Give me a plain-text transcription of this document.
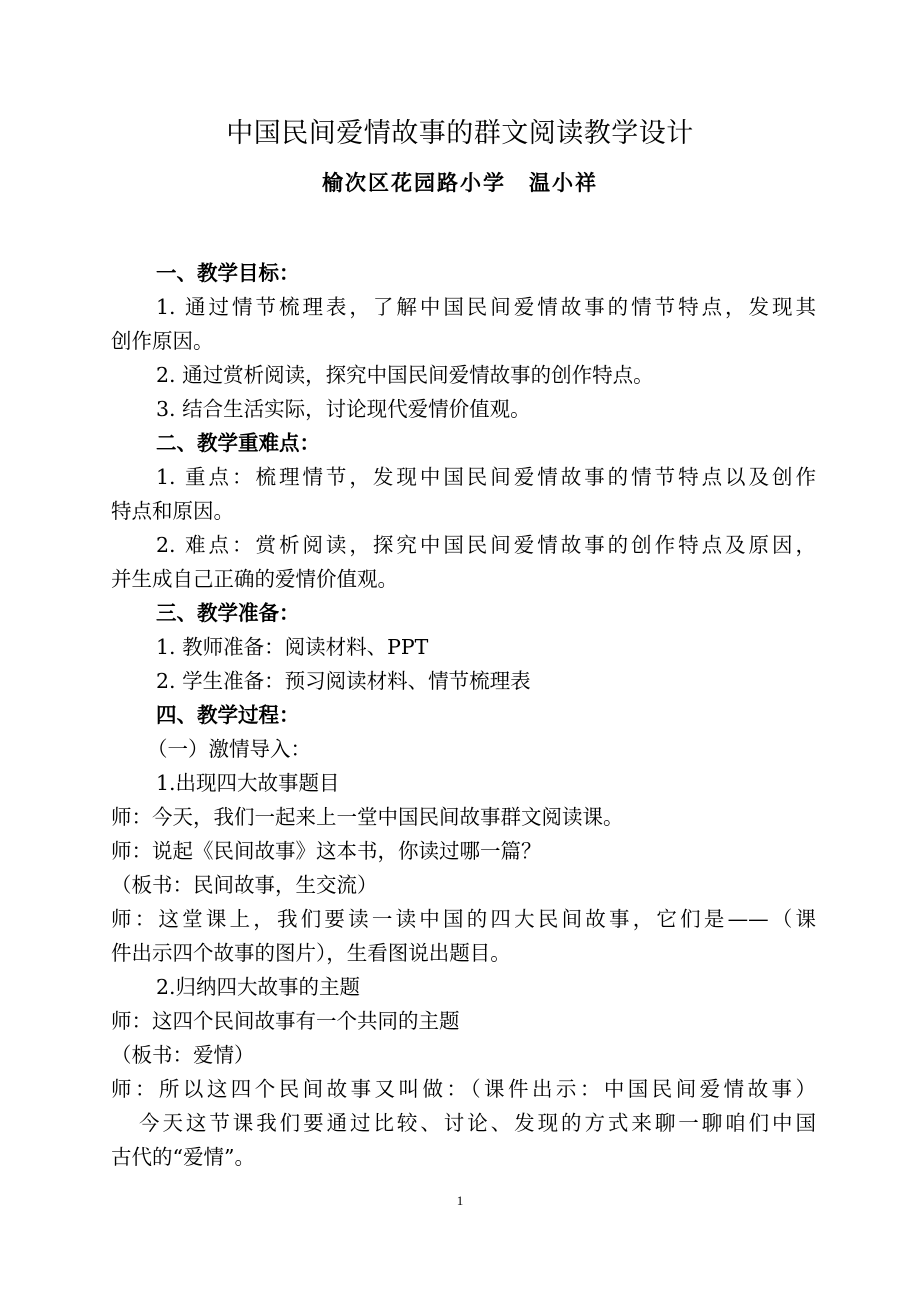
中国民间爱情故事的群文阅读教学设计
榆次区花园路小学　温小祥
一、教学目标：
1. 通过情节梳理表，了解中国民间爱情故事的情节特点，发现其
创作原因。
2. 通过赏析阅读，探究中国民间爱情故事的创作特点。
3. 结合生活实际，讨论现代爱情价值观。
二、教学重难点：
1. 重点：梳理情节，发现中国民间爱情故事的情节特点以及创作
特点和原因。
2. 难点：赏析阅读，探究中国民间爱情故事的创作特点及原因，
并生成自己正确的爱情价值观。
三、教学准备：
1. 教师准备：阅读材料、PPT
2. 学生准备：预习阅读材料、情节梳理表
四、教学过程：
（一）激情导入：
1.出现四大故事题目
师：今天，我们一起来上一堂中国民间故事群文阅读课。
师：说起《民间故事》这本书，你读过哪一篇？
（板书：民间故事，生交流）
师：这堂课上，我们要读一读中国的四大民间故事，它们是——（课
件出示四个故事的图片），生看图说出题目。
2.归纳四大故事的主题
师：这四个民间故事有一个共同的主题
（板书：爱情）
师：所以这四个民间故事又叫做：（课件出示：中国民间爱情故事）
今天这节课我们要通过比较、讨论、发现的方式来聊一聊咱们中国
古代的“爱情”。
1
